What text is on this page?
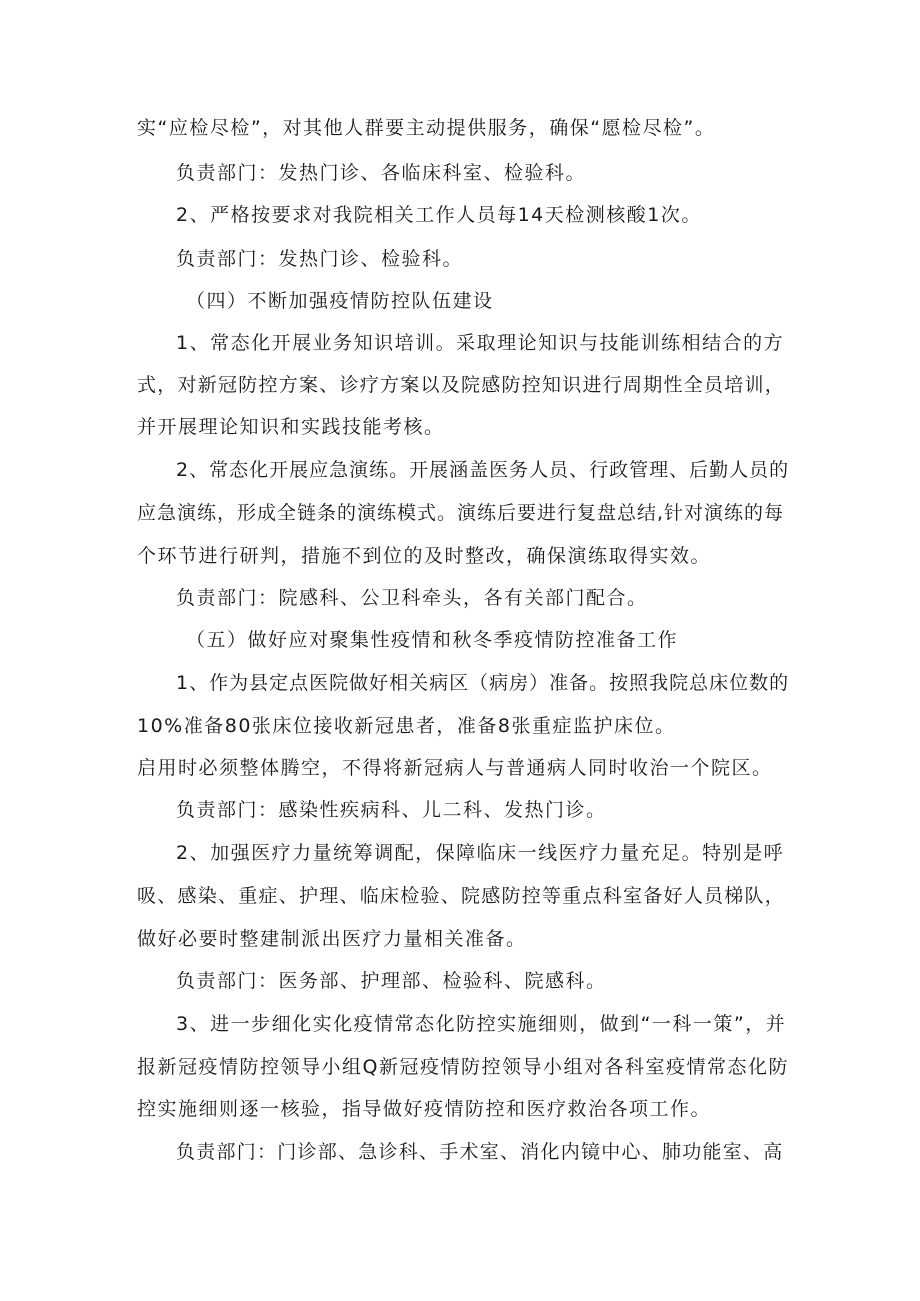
实“应检尽检”，对其他人群要主动提供服务，确保“愿检尽检”。
负责部门：发热门诊、各临床科室、检验科。
2、严格按要求对我院相关工作人员每14天检测核酸1次。
负责部门：发热门诊、检验科。
（四）不断加强疫情防控队伍建设
1、常态化开展业务知识培训。采取理论知识与技能训练相结合的方
式，对新冠防控方案、诊疗方案以及院感防控知识进行周期性全员培训，
并开展理论知识和实践技能考核。
2、常态化开展应急演练。开展涵盖医务人员、行政管理、后勤人员的
应急演练，形成全链条的演练模式。演练后要进行复盘总结,针对演练的每
个环节进行研判，措施不到位的及时整改，确保演练取得实效。
负责部门：院感科、公卫科牵头，各有关部门配合。
（五）做好应对聚集性疫情和秋冬季疫情防控准备工作
1、作为县定点医院做好相关病区（病房）准备。按照我院总床位数的
10%准备80张床位接收新冠患者，准备8张重症监护床位。
启用时必须整体腾空，不得将新冠病人与普通病人同时收治一个院区。
负责部门：感染性疾病科、儿二科、发热门诊。
2、加强医疗力量统筹调配，保障临床一线医疗力量充足。特别是呼
吸、感染、重症、护理、临床检验、院感防控等重点科室备好人员梯队，
做好必要时整建制派出医疗力量相关准备。
负责部门：医务部、护理部、检验科、院感科。
3、进一步细化实化疫情常态化防控实施细则，做到“一科一策”，并
报新冠疫情防控领导小组Q新冠疫情防控领导小组对各科室疫情常态化防
控实施细则逐一核验，指导做好疫情防控和医疗救治各项工作。
负责部门：门诊部、急诊科、手术室、消化内镜中心、肺功能室、高
